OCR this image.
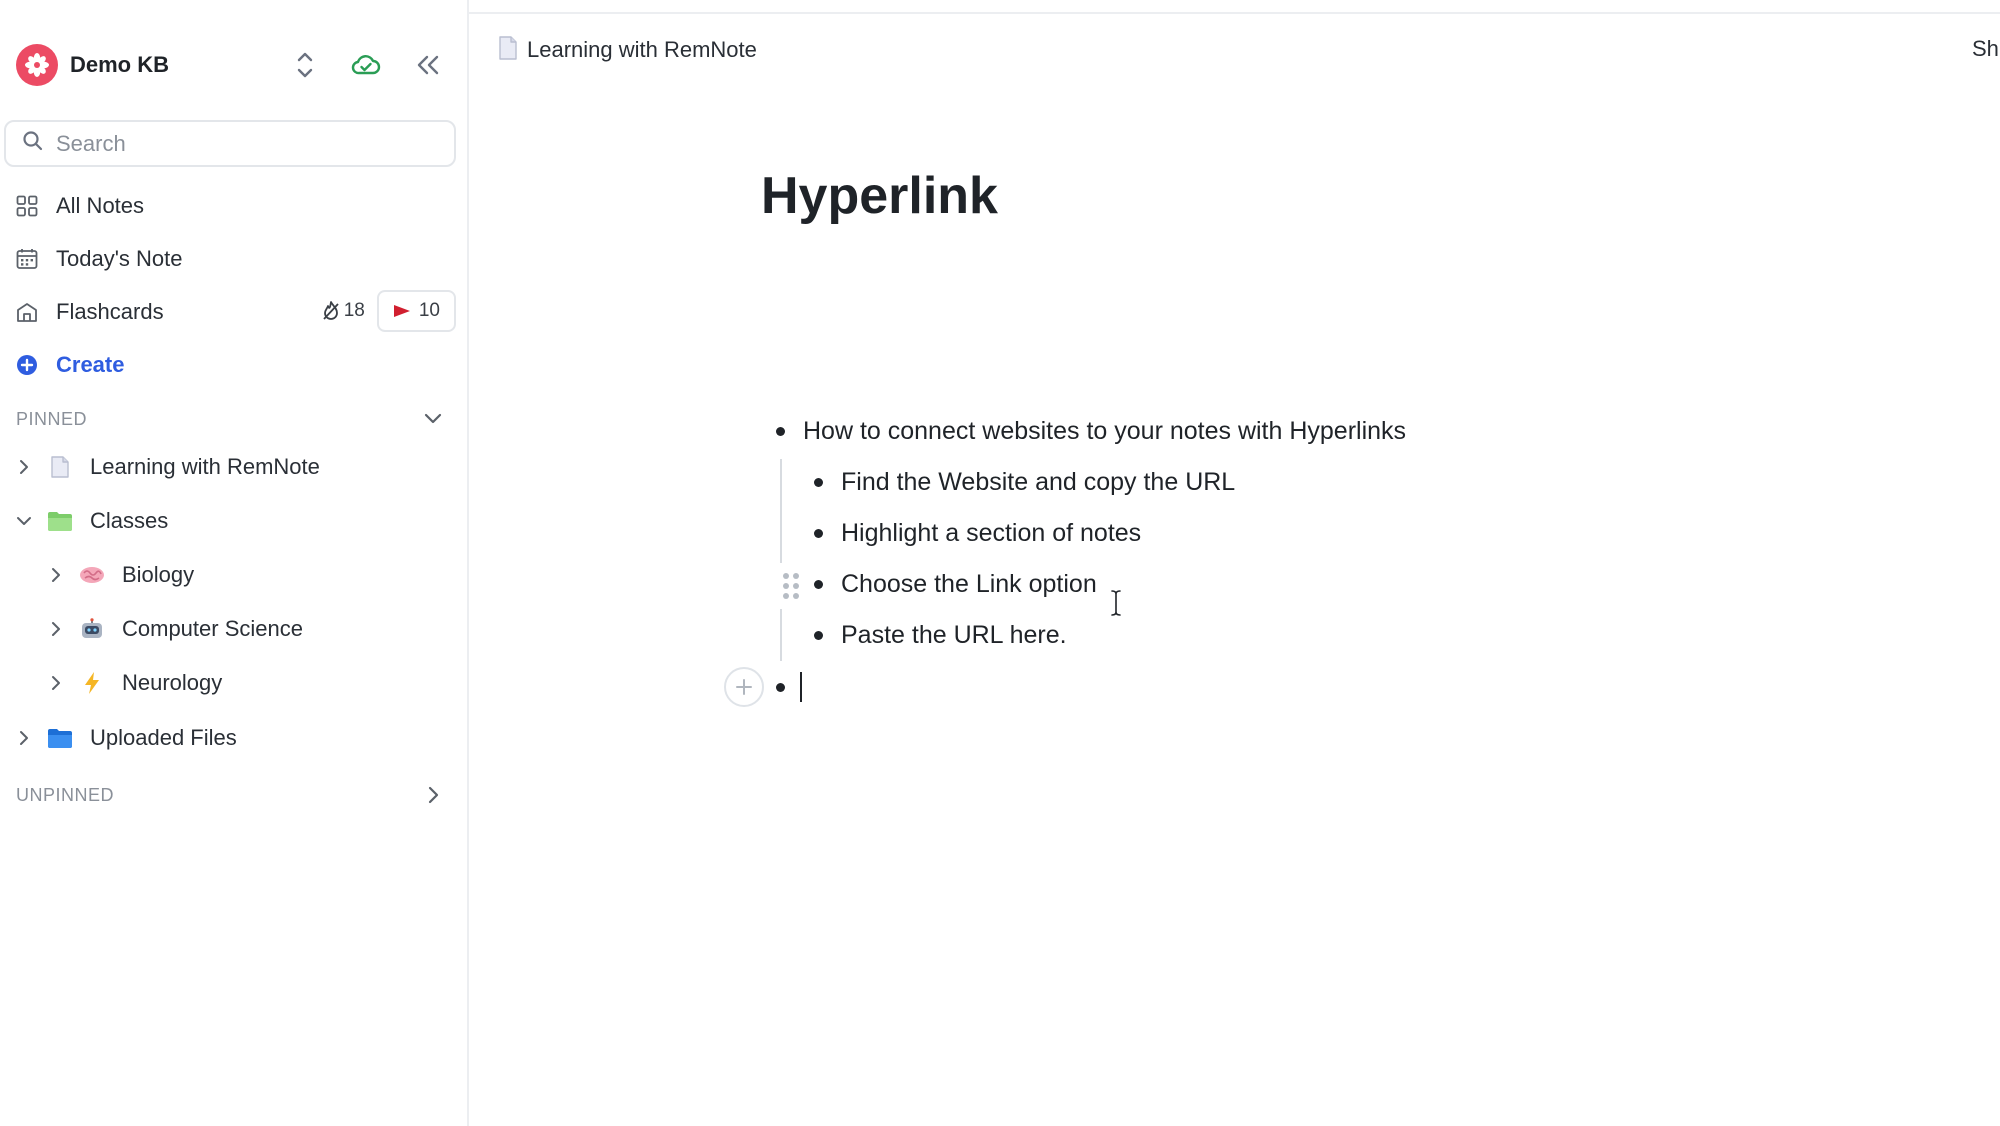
Demo KB
Search
All Notes
Today's Note
Flashcards	18	10
Create
PINNED
Learning with RemNote
Classes
Biology
Computer Science
Neurology
Uploaded Files
UNPINNED
Learning with RemNote	Sh
Hyperlink
How to connect websites to your notes with Hyperlinks
Find the Website and copy the URL
Highlight a section of notes
Choose the Link option
Paste the URL here.
